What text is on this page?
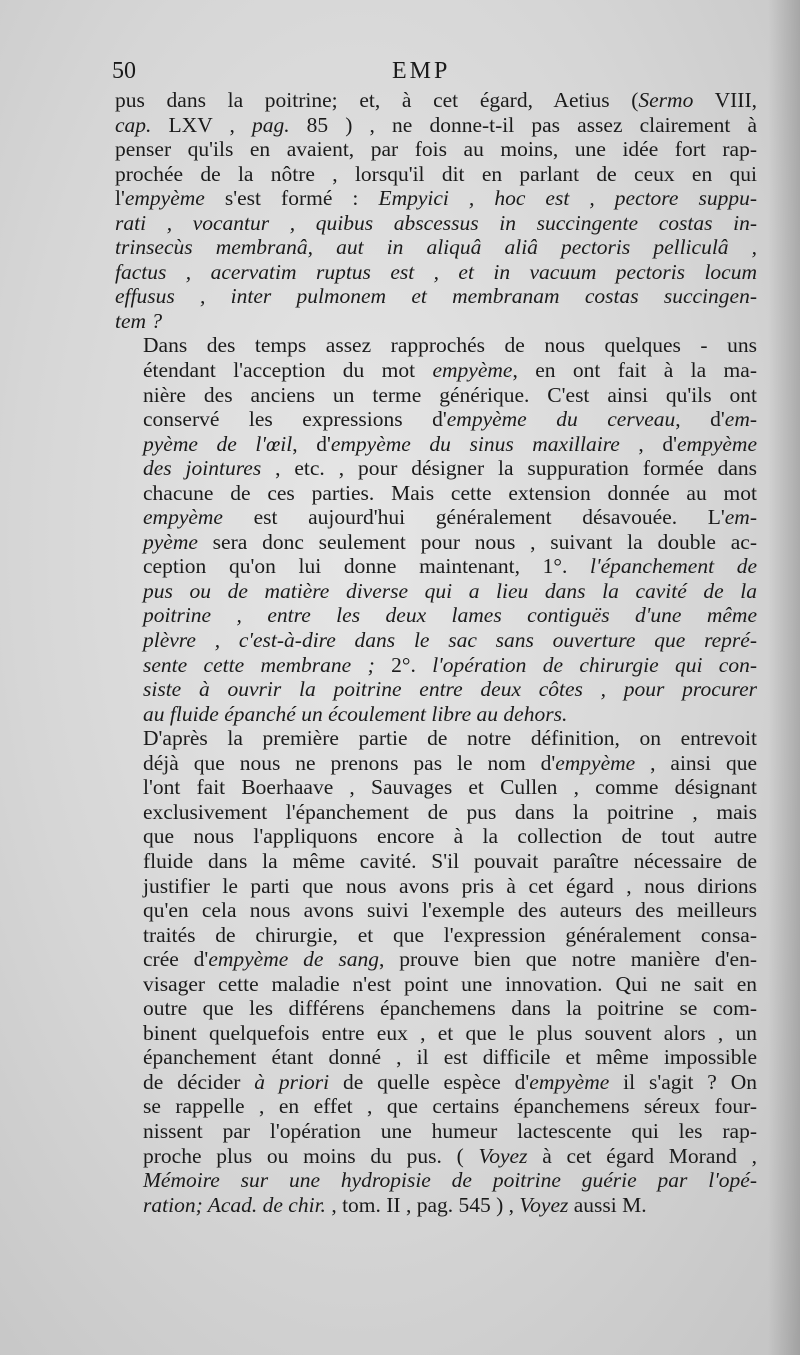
50	EMP

pus dans la poitrine; et, à cet égard, Aetius (Sermo VIII,
cap. LXV , pag. 85 ) , ne donne-t-il pas assez clairement à
penser qu'ils en avaient, par fois au moins, une idée fort rap-
prochée de la nôtre , lorsqu'il dit en parlant de ceux en qui
l'empyème s'est formé : Empyici , hoc est , pectore suppu-
rati , vocantur , quibus abscessus in succingente costas in-
trinsecùs membranâ, aut in aliquâ aliâ pectoris pelliculâ ,
factus , acervatim ruptus est , et in vacuum pectoris locum
effusus , inter pulmonem et membranam costas succingen-
tem ?

Dans des temps assez rapprochés de nous quelques - uns
étendant l'acception du mot empyème, en ont fait à la ma-
nière des anciens un terme générique. C'est ainsi qu'ils ont
conservé les expressions d'empyème du cerveau, d'em-
pyème de l'œil, d'empyème du sinus maxillaire , d'empyème
des jointures , etc. , pour désigner la suppuration formée dans
chacune de ces parties. Mais cette extension donnée au mot
empyème est aujourd'hui généralement désavouée. L'em-
pyème sera donc seulement pour nous , suivant la double ac-
ception qu'on lui donne maintenant, 1°. l'épanchement de
pus ou de matière diverse qui a lieu dans la cavité de la
poitrine , entre les deux lames contiguës d'une même
plèvre , c'est-à-dire dans le sac sans ouverture que repré-
sente cette membrane ; 2°. l'opération de chirurgie qui con-
siste à ouvrir la poitrine entre deux côtes , pour procurer
au fluide épanché un écoulement libre au dehors.

D'après la première partie de notre définition, on entrevoit
déjà que nous ne prenons pas le nom d'empyème , ainsi que
l'ont fait Boerhaave , Sauvages et Cullen , comme désignant
exclusivement l'épanchement de pus dans la poitrine , mais
que nous l'appliquons encore à la collection de tout autre
fluide dans la même cavité. S'il pouvait paraître nécessaire de
justifier le parti que nous avons pris à cet égard , nous dirions
qu'en cela nous avons suivi l'exemple des auteurs des meilleurs
traités de chirurgie, et que l'expression généralement consa-
crée d'empyème de sang, prouve bien que notre manière d'en-
visager cette maladie n'est point une innovation. Qui ne sait en
outre que les différens épanchemens dans la poitrine se com-
binent quelquefois entre eux , et que le plus souvent alors , un
épanchement étant donné , il est difficile et même impossible
de décider à priori de quelle espèce d'empyème il s'agit ? On
se rappelle , en effet , que certains épanchemens séreux four-
nissent par l'opération une humeur lactescente qui les rap-
proche plus ou moins du pus. ( Voyez à cet égard Morand ,
Mémoire sur une hydropisie de poitrine guérie par l'opé-
ration; Acad. de chir. , tom. II , pag. 545 ) , Voyez aussi M.
